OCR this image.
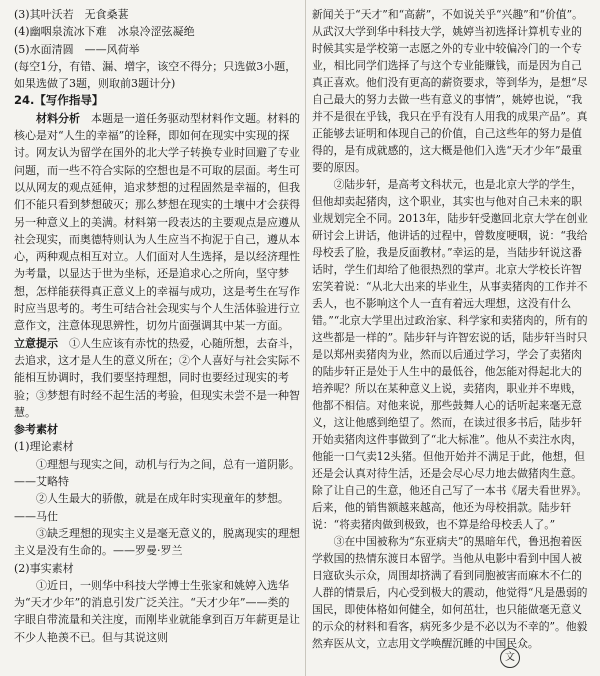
(3)其叶沃若　无食桑葚

(4)幽咽泉流冰下难　冰泉冷涩弦凝绝

(5)水面清圆　——风荷举

(每空1分，有错、漏、增字，该空不得分；只选做3小题，如果选做了3题，则取前3题计分)

24.【写作指导】

材料分析　 本题是一道任务驱动型材料作文题。材料的核心是对“人生的幸福”的诠释，即如何在现实中实现的探讨。网友认为留学在国外的北大学子转换专业时回避了专业问题，而一些不符合实际的空想也是不可取的层面。考生可以从网友的观点延伸，追求梦想的过程固然是幸福的，但我们不能只看到梦想破灭；那么梦想在现实的土壤中才会获得另一种意义上的美满。材料第一段表达的主要观点是应遵从社会现实，而奥德特则认为人生应当不拘泥于自己，遵从本心，两种观点相互对立。人们面对人生选择，是以经济理性为考量，以显达于世为坐标，还是追求心之所向，坚守梦想，怎样能获得真正意义上的幸福与成功，这是考生在写作时应当思考的。考生可结合社会现实与个人生活体验进行立意作文，注意体现思辨性，切勿片面强调其中某一方面。

立意提示　 ①人生应该有赤忱的热爱，心随所想，去奋斗，去追求，这才是人生的意义所在；②个人喜好与社会实际不能相互协调时，我们要坚持理想，同时也要经过现实的考验；③梦想有时经不起生活的考验，但现实未尝不是一种智慧。

参考素材

(1)理论素材

①理想与现实之间，动机与行为之间，总有一道阴影。——艾略特

②人生最大的骄傲，就是在成年时实现童年的梦想。——马仕

③缺乏理想的现实主义是毫无意义的，脱离现实的理想主义是没有生命的。——罗曼·罗兰

(2)事实素材

①近日，一则华中科技大学博士生张家和姚婷入选华为“天才少年”的消息引发广泛关注。“天才少年”——类的字眼自带流量和关注度，而刚毕业就能拿到百万年薪更是让不少人艳羡不已。但与其说这则

新闻关于“天才”和“高薪”，不如说关乎“兴趣”和“价值”。从武汉大学到华中科技大学，姚婷当初选择计算机专业的时候其实是学校第一志愿之外的专业中较偏冷门的一个专业，相比同学们选择了与这个专业能赚钱，而是因为自己真正喜欢。他们没有更高的薪资要求，等到华为，是想“尽自己最大的努力去做一些有意义的事情”，姚婷也说，“我并不是很在乎钱，我只在乎有没有人用我的成果产品”。真正能够去证明和体现自己的价值，自己这些年的努力是值得的，是有成就感的，这大概是他们入选“天才少年”最重要的原因。

②陆步轩，是高考文科状元，也是北京大学的学生，但他却卖起猪肉，这个职业，其实也与他对自己未来的职业规划完全不同。2013年，陆步轩受邀回北京大学在创业研讨会上讲话，他讲话的过程中，曾数度哽咽，说：“我给母校丢了脸，我是反面教材。”幸运的是，当陆步轩说这番话时，学生们却给了他很热烈的掌声。北京大学校长许智宏笑着说：“从北大出来的毕业生，从事卖猪肉的工作并不丢人，也不影响这个人一直有着远大理想，这没有什么错。”“北京大学里出过政治家、科学家和卖猪肉的，所有的这些都是一样的”。陆步轩与许智宏说的话，陆步轩当时只是以郑州卖猪肉为业，然而以后通过学习，学会了卖猪肉的陆步轩正是处于人生中的最低谷，他怎能对得起北大的培养呢？所以在某种意义上说，卖猪肉，职业并不卑贱，他都不相信。对他来说，那些鼓舞人心的话听起来毫无意义，这让他感到绝望了。然而，在读过很多书后，陆步轩开始卖猪肉这件事做到了“北大标准”。他从不卖注水肉，他能一口气卖12头猪。但他开始并不满足于此，他想，但还是会认真对待生活，还是会尽心尽力地去做猪肉生意。除了让自己的生意，他还自己写了一本书《屠夫看世界》。后来，他的销售额越来越高，他还为母校捐款。陆步轩说：“将卖猪肉做到极致，也不算是给母校丢人了。”

③在中国被称为“东亚病夫”的黑暗年代，鲁迅抱着医学救国的热情东渡日本留学。当他从电影中看到中国人被日寇砍头示众，周围却挤满了看到同胞被害而麻木不仁的人群的情景后，内心受到极大的震动，他觉得“凡是愚弱的国民，即使体格如何健全，如何茁壮，也只能做毫无意义的示众的材料和看客，病死多少是不必以为不幸的”。他毅然弃医从文，立志用文学唤醒沉睡的中国民众。

文
